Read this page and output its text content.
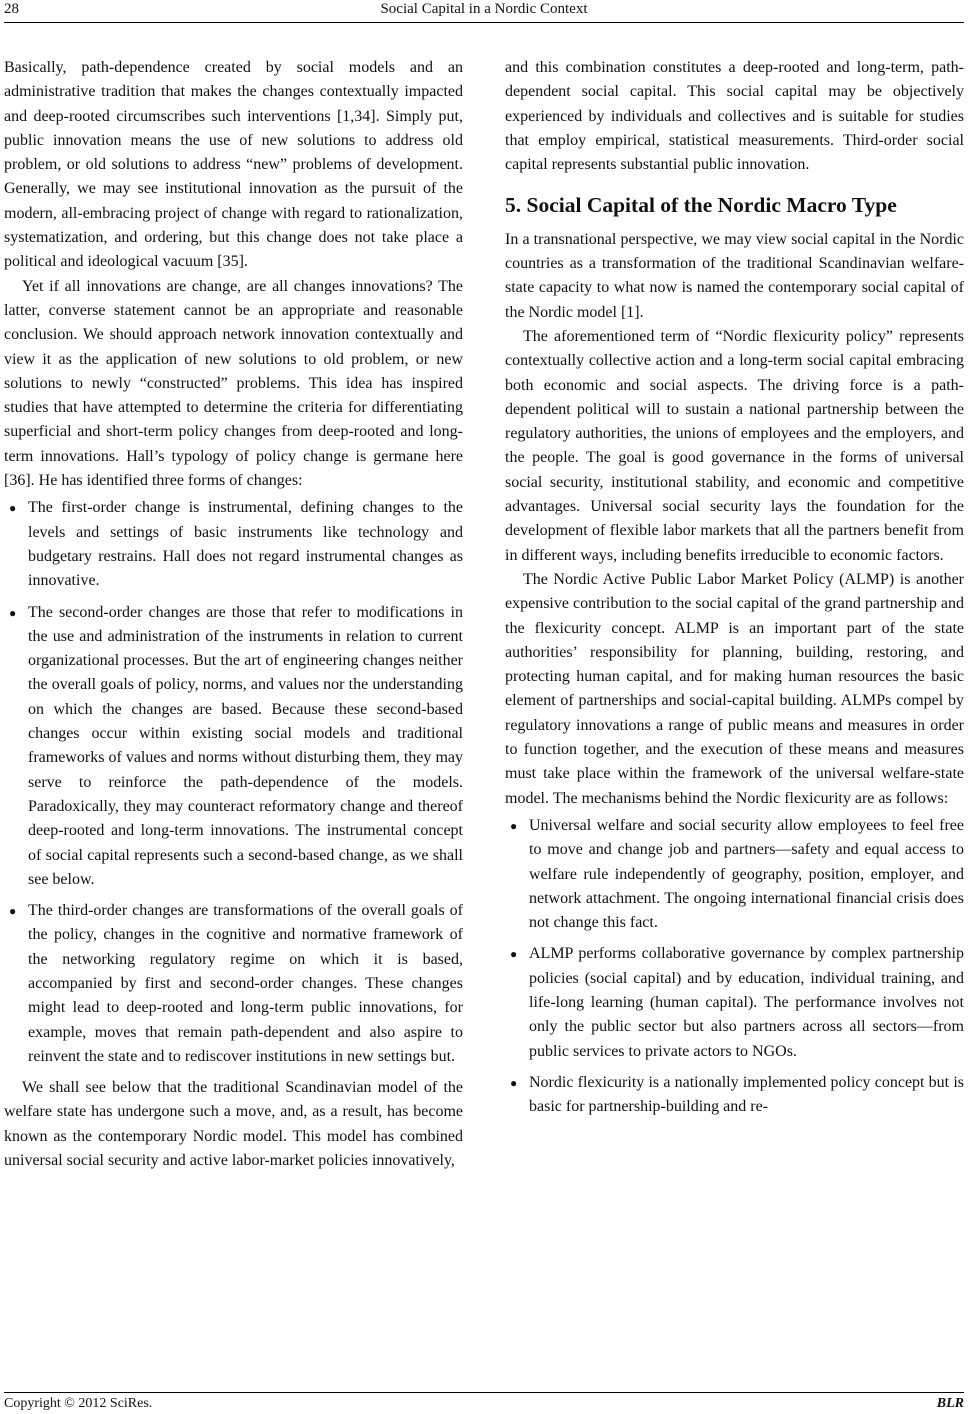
28	Social Capital in a Nordic Context

Basically, path-dependence created by social models and an administrative tradition that makes the changes contextually impacted and deep-rooted circumscribes such interventions [1,34]. Simply put, public innovation means the use of new solutions to address old problem, or old solutions to address “new” problems of development. Generally, we may see institutional innovation as the pursuit of the modern, all-embracing project of change with regard to rationalization, systematization, and ordering, but this change does not take place a political and ideological vacuum [35].

Yet if all innovations are change, are all changes innovations? The latter, converse statement cannot be an appropriate and reasonable conclusion. We should approach network innovation contextually and view it as the application of new solutions to old problem, or new solutions to newly “constructed” problems. This idea has inspired studies that have attempted to determine the criteria for differentiating superficial and short-term policy changes from deep-rooted and long-term innovations. Hall’s typology of policy change is germane here [36]. He has identified three forms of changes:

● The first-order change is instrumental, defining changes to the levels and settings of basic instruments like technology and budgetary restrains. Hall does not regard instrumental changes as innovative.
● The second-order changes are those that refer to modifications in the use and administration of the instruments in relation to current organizational processes. But the art of engineering changes neither the overall goals of policy, norms, and values nor the understanding on which the changes are based. Because these second-based changes occur within existing social models and traditional frameworks of values and norms without disturbing them, they may serve to reinforce the path-dependence of the models. Paradoxically, they may counteract reformatory change and thereof deep-rooted and long-term innovations. The instrumental concept of social capital represents such a second-based change, as we shall see below.
● The third-order changes are transformations of the overall goals of the policy, changes in the cognitive and normative framework of the networking regulatory regime on which it is based, accompanied by first and second-order changes. These changes might lead to deep-rooted and long-term public innovations, for example, moves that remain path-dependent and also aspire to reinvent the state and to rediscover institutions in new settings but.

We shall see below that the traditional Scandinavian model of the welfare state has undergone such a move, and, as a result, has become known as the contemporary Nordic model. This model has combined universal social security and active labor-market policies innovatively,

and this combination constitutes a deep-rooted and long-term, path-dependent social capital. This social capital may be objectively experienced by individuals and collectives and is suitable for studies that employ empirical, statistical measurements. Third-order social capital represents substantial public innovation.

5. Social Capital of the Nordic Macro Type

In a transnational perspective, we may view social capital in the Nordic countries as a transformation of the traditional Scandinavian welfare-state capacity to what now is named the contemporary social capital of the Nordic model [1].

The aforementioned term of “Nordic flexicurity policy” represents contextually collective action and a long-term social capital embracing both economic and social aspects. The driving force is a path-dependent political will to sustain a national partnership between the regulatory authorities, the unions of employees and the employers, and the people. The goal is good governance in the forms of universal social security, institutional stability, and economic and competitive advantages. Universal social security lays the foundation for the development of flexible labor markets that all the partners benefit from in different ways, including benefits irreducible to economic factors.

The Nordic Active Public Labor Market Policy (ALMP) is another expensive contribution to the social capital of the grand partnership and the flexicurity concept. ALMP is an important part of the state authorities’ responsibility for planning, building, restoring, and protecting human capital, and for making human resources the basic element of partnerships and social-capital building. ALMPs compel by regulatory innovations a range of public means and measures in order to function together, and the execution of these means and measures must take place within the framework of the universal welfare-state model. The mechanisms behind the Nordic flexicurity are as follows:

● Universal welfare and social security allow employees to feel free to move and change job and partners—safety and equal access to welfare rule independently of geography, position, employer, and network attachment. The ongoing international financial crisis does not change this fact.
● ALMP performs collaborative governance by complex partnership policies (social capital) and by education, individual training, and life-long learning (human capital). The performance involves not only the public sector but also partners across all sectors—from public services to private actors to NGOs.
● Nordic flexicurity is a nationally implemented policy concept but is basic for partnership-building and re-
Copyright © 2012 SciRes.	BLR
